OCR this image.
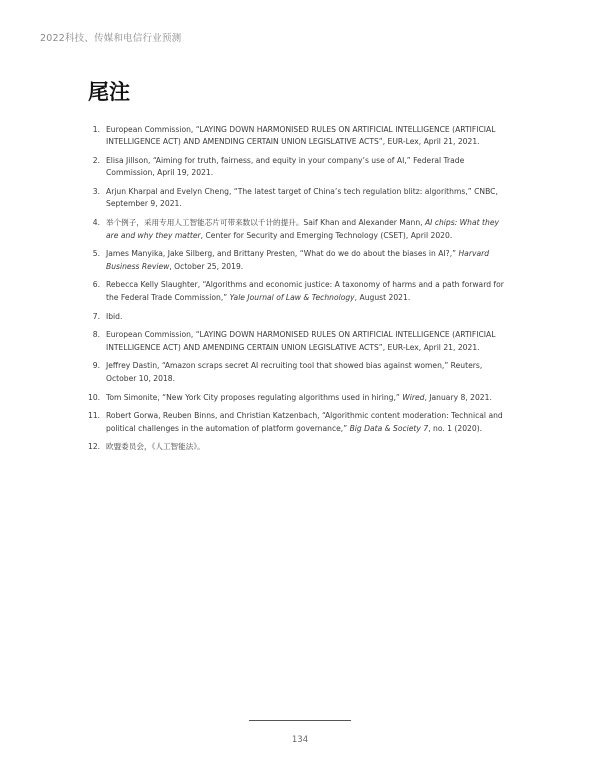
2022科技、传媒和电信行业预测
尾注
1. European Commission, “LAYING DOWN HARMONISED RULES ON ARTIFICIAL INTELLIGENCE (ARTIFICIAL INTELLIGENCE ACT) AND AMENDING CERTAIN UNION LEGISLATIVE ACTS”, EUR-Lex, April 21, 2021.
2. Elisa Jillson, “Aiming for truth, fairness, and equity in your company’s use of AI,” Federal Trade Commission, April 19, 2021.
3. Arjun Kharpal and Evelyn Cheng, “The latest target of China’s tech regulation blitz: algorithms,” CNBC, September 9, 2021.
4. 举个例子，采用专用人工智能芯片可带来数以千计的提升。Saif Khan and Alexander Mann, AI chips: What they are and why they matter, Center for Security and Emerging Technology (CSET), April 2020.
5. James Manyika, Jake Silberg, and Brittany Presten, “What do we do about the biases in AI?,” Harvard Business Review, October 25, 2019.
6. Rebecca Kelly Slaughter, “Algorithms and economic justice: A taxonomy of harms and a path forward for the Federal Trade Commission,” Yale Journal of Law & Technology, August 2021.
7. Ibid.
8. European Commission, “LAYING DOWN HARMONISED RULES ON ARTIFICIAL INTELLIGENCE (ARTIFICIAL INTELLIGENCE ACT) AND AMENDING CERTAIN UNION LEGISLATIVE ACTS”, EUR-Lex, April 21, 2021.
9. Jeffrey Dastin, “Amazon scraps secret AI recruiting tool that showed bias against women,” Reuters, October 10, 2018.
10. Tom Simonite, “New York City proposes regulating algorithms used in hiring,” Wired, January 8, 2021.
11. Robert Gorwa, Reuben Binns, and Christian Katzenbach, “Algorithmic content moderation: Technical and political challenges in the automation of platform governance,” Big Data & Society 7, no. 1 (2020).
12. 欧盟委员会，《人工智能法》。
134
